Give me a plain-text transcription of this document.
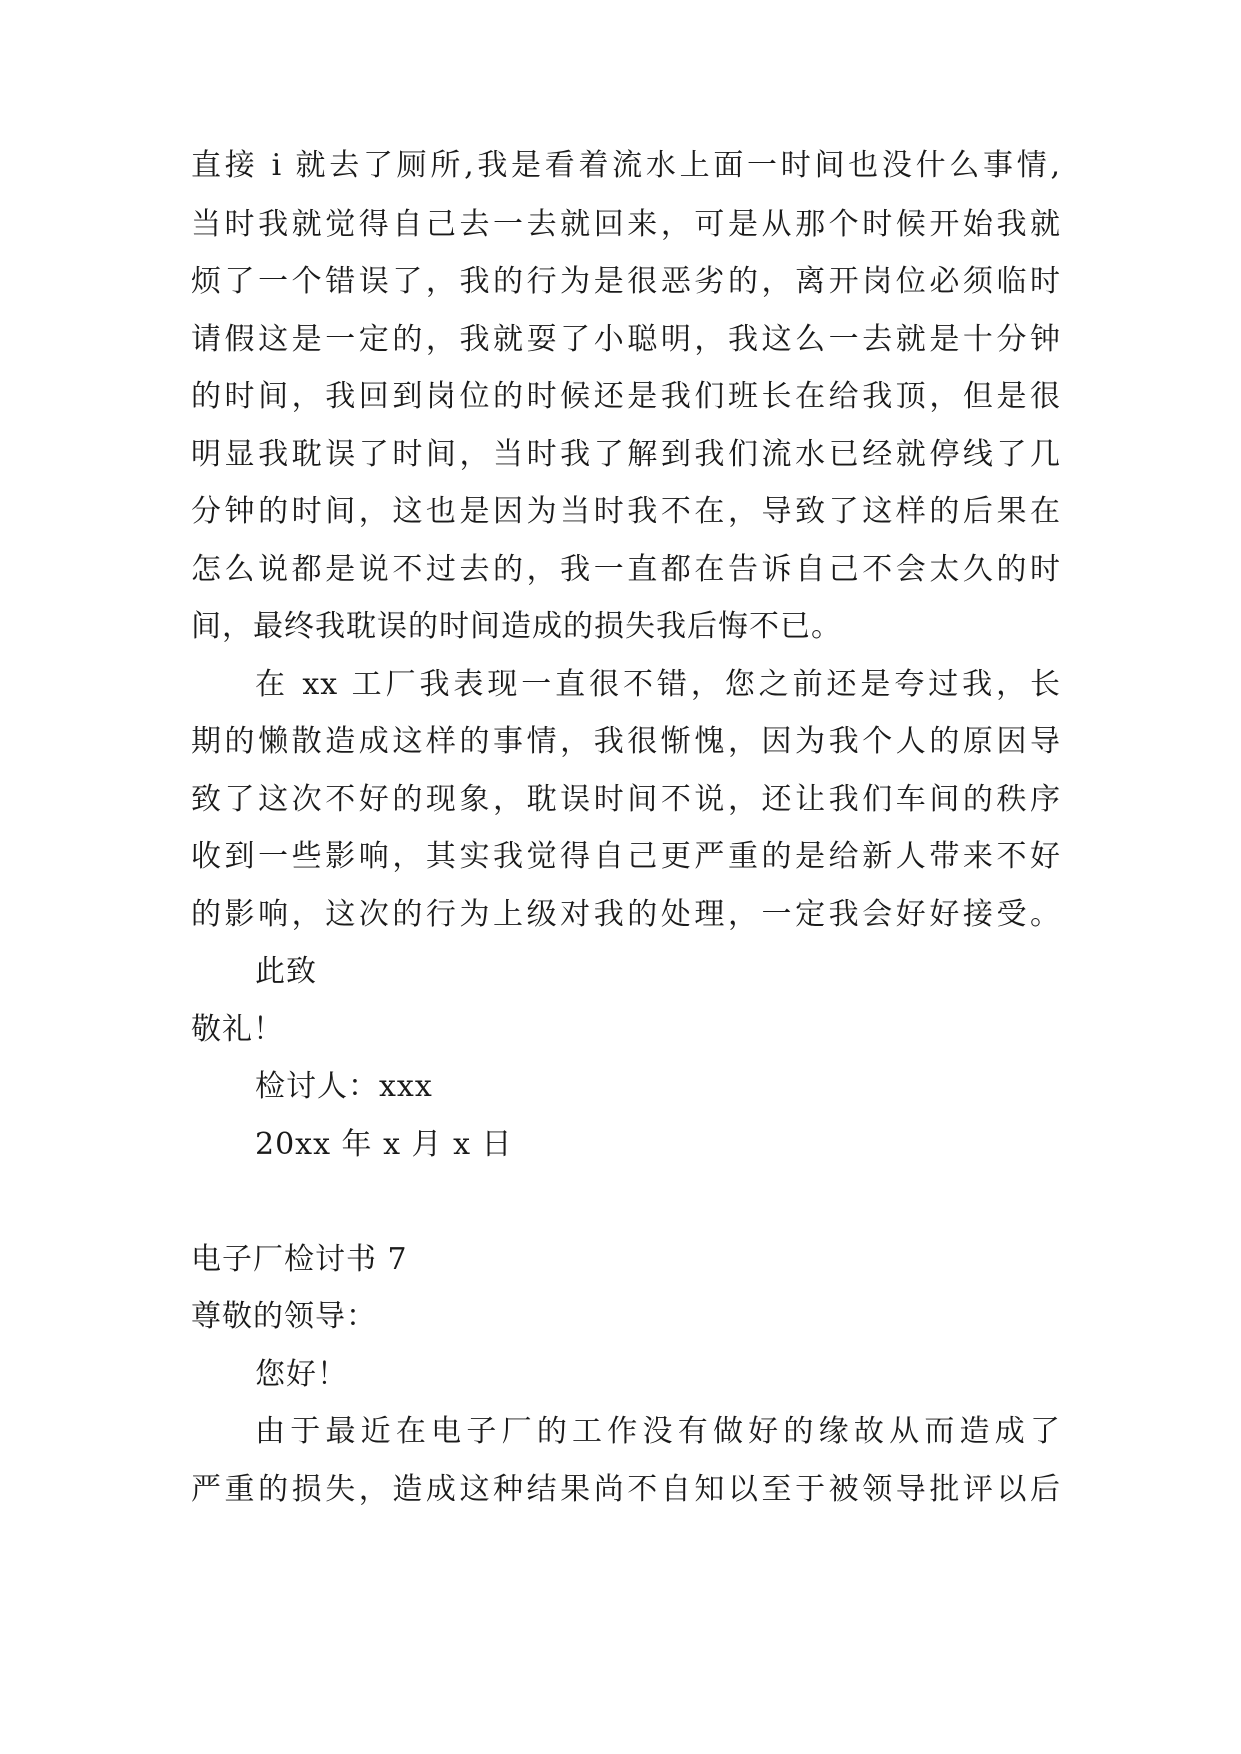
直接 i 就去了厕所,我是看着流水上面一时间也没什么事情,
当时我就觉得自己去一去就回来，可是从那个时候开始我就
烦了一个错误了，我的行为是很恶劣的，离开岗位必须临时
请假这是一定的，我就耍了小聪明，我这么一去就是十分钟
的时间，我回到岗位的时候还是我们班长在给我顶，但是很
明显我耽误了时间，当时我了解到我们流水已经就停线了几
分钟的时间，这也是因为当时我不在，导致了这样的后果在
怎么说都是说不过去的，我一直都在告诉自己不会太久的时
间，最终我耽误的时间造成的损失我后悔不已。
在 xx 工厂我表现一直很不错，您之前还是夸过我，长
期的懒散造成这样的事情，我很惭愧，因为我个人的原因导
致了这次不好的现象，耽误时间不说，还让我们车间的秩序
收到一些影响，其实我觉得自己更严重的是给新人带来不好
的影响，这次的行为上级对我的处理，一定我会好好接受。
此致
敬礼！
检讨人：xxx
20xx 年 x 月 x 日
电子厂检讨书 7
尊敬的领导：
您好！
由于最近在电子厂的工作没有做好的缘故从而造成了
严重的损失，造成这种结果尚不自知以至于被领导批评以后
